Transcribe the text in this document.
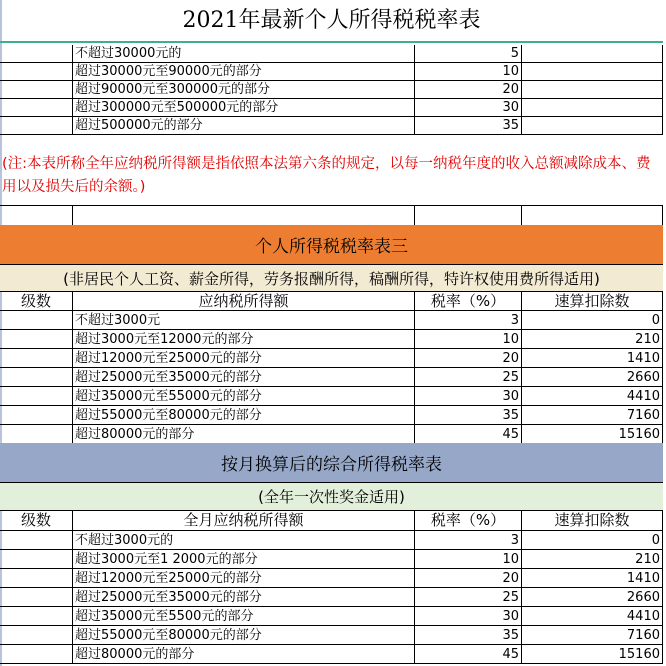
2021年最新个人所得税税率表
不超过30000元的	5
超过30000元至90000元的部分	10
超过90000元至300000元的部分	20
超过300000元至500000元的部分	30
超过500000元的部分	35
(注:本表所称全年应纳税所得额是指依照本法第六条的规定，以每一纳税年度的收入总额减除成本、费用以及损失后的余额。)
个人所得税税率表三
(非居民个人工资、薪金所得，劳务报酬所得，稿酬所得，特许权使用费所得适用)
级数	应纳税所得额	税率（%）	速算扣除数
不超过3000元	3	0
超过3000元至12000元的部分	10	210
超过12000元至25000元的部分	20	1410
超过25000元至35000元的部分	25	2660
超过35000元至55000元的部分	30	4410
超过55000元至80000元的部分	35	7160
超过80000元的部分	45	15160
按月换算后的综合所得税率表
(全年一次性奖金适用)
级数	全月应纳税所得额	税率（%）	速算扣除数
不超过3000元的	3	0
超过3000元至1 2000元的部分	10	210
超过12000元至25000元的部分	20	1410
超过25000元至35000元的部分	25	2660
超过35000元至5500元的部分	30	4410
超过55000元至80000元的部分	35	7160
超过80000元的部分	45	15160
